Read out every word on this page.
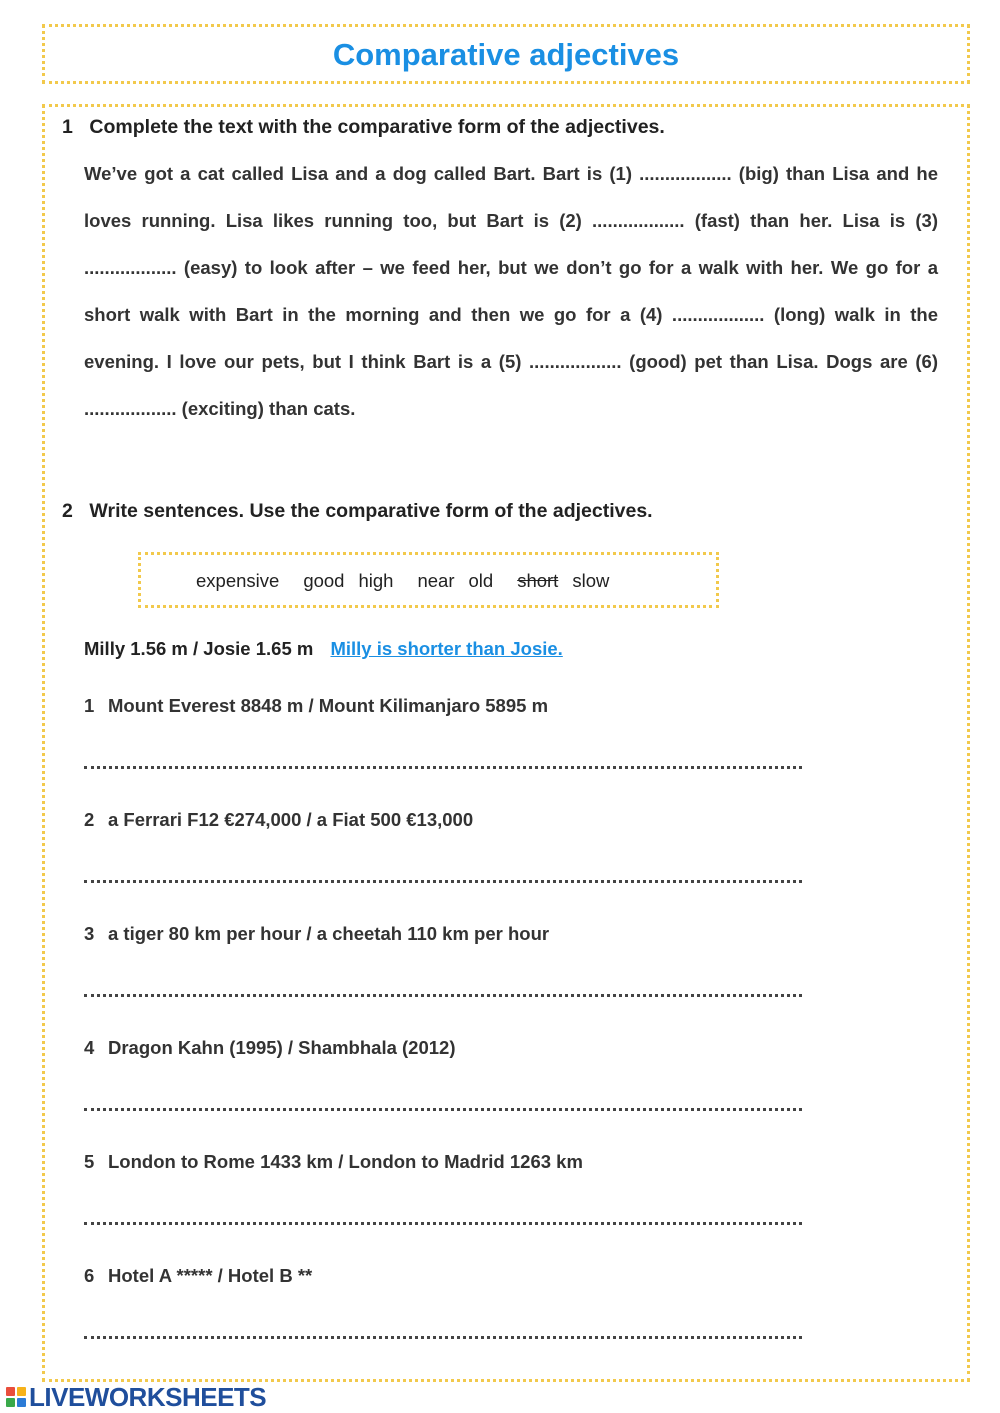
Comparative adjectives

1 Complete the text with the comparative form of the adjectives.

We’ve got a cat called Lisa and a dog called Bart. Bart is (1) .................. (big) than Lisa and he loves running. Lisa likes running too, but Bart is (2) .................. (fast) than her. Lisa is (3) .................. (easy) to look after – we feed her, but we don’t go for a walk with her. We go for a short walk with Bart in the morning and then we go for a (4) .................. (long) walk in the evening. I love our pets, but I think Bart is a (5) .................. (good) pet than Lisa. Dogs are (6) .................. (exciting) than cats.

2 Write sentences. Use the comparative form of the adjectives.

expensive good high near old short slow
Milly 1.56 m / Josie 1.65 m Milly is shorter than Josie.
1 Mount Everest 8848 m / Mount Kilimanjaro 5895 m
2 a Ferrari F12 €274,000 / a Fiat 500 €13,000
3 a tiger 80 km per hour / a cheetah 110 km per hour
4 Dragon Kahn (1995) / Shambhala (2012)
5 London to Rome 1433 km / London to Madrid 1263 km
6 Hotel A ***** / Hotel B **
LIVEWORKSHEETS
